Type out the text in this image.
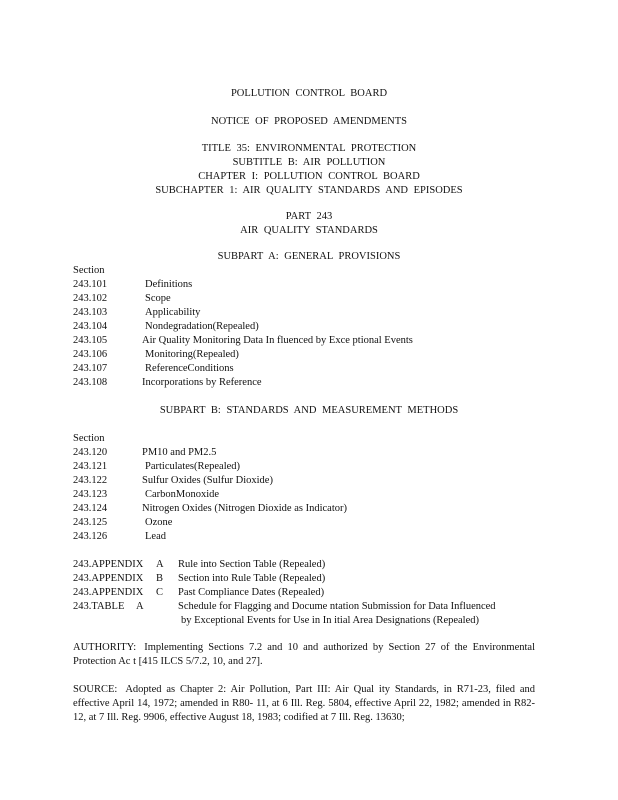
POLLUTION CONTROL BOARD
NOTICE OF PROPOSED AMENDMENTS
TITLE 35: ENVIRONMENTAL PROTECTION
SUBTITLE B: AIR POLLUTION
CHAPTER I: POLLUTION CONTROL BOARD
SUBCHAPTER 1: AIR QUALITY STANDARDS AND EPISODES
PART 243
AIR QUALITY STANDARDS
SUBPART A: GENERAL PROVISIONS
Section
243.101	Definitions
243.102	Scope
243.103	Applicability
243.104	Nondegradation(Repealed)
243.105	Air Quality Monitoring Data In fluenced by Exce ptional Events
243.106	Monitoring(Repealed)
243.107	ReferenceConditions
243.108	Incorporations by Reference
SUBPART B: STANDARDS AND MEASUREMENT METHODS
Section
243.120	PM10 and PM2.5
243.121	Particulates(Repealed)
243.122	Sulfur Oxides (Sulfur Dioxide)
243.123	CarbonMonoxide
243.124	Nitrogen Oxides (Nitrogen Dioxide as Indicator)
243.125	Ozone
243.126	Lead
243.APPENDIX A Rule into Section Table (Repealed)
243.APPENDIX B Section into Rule Table (Repealed)
243.APPENDIX C Past Compliance Dates (Repealed)
243.TABLE A	Schedule for Flagging and Docume ntation Submission for Data Influenced
by Exceptional Events for Use in In itial Area Designations (Repealed)
AUTHORITY: Implementing Sections 7.2 and 10 and authorized by Section 27 of the Environmental Protection Ac t [415 ILCS 5/7.2, 10, and 27].
SOURCE: Adopted as Chapter 2: Air Pollution, Part III: Air Qual ity Standards, in R71-23, filed and effective April 14, 1972; amended in R80- 11, at 6 Ill. Reg. 5804, effective April 22, 1982; amended in R82-12, at 7 Ill. Reg. 9906, effective August 18, 1983; codified at 7 Ill. Reg. 13630;
